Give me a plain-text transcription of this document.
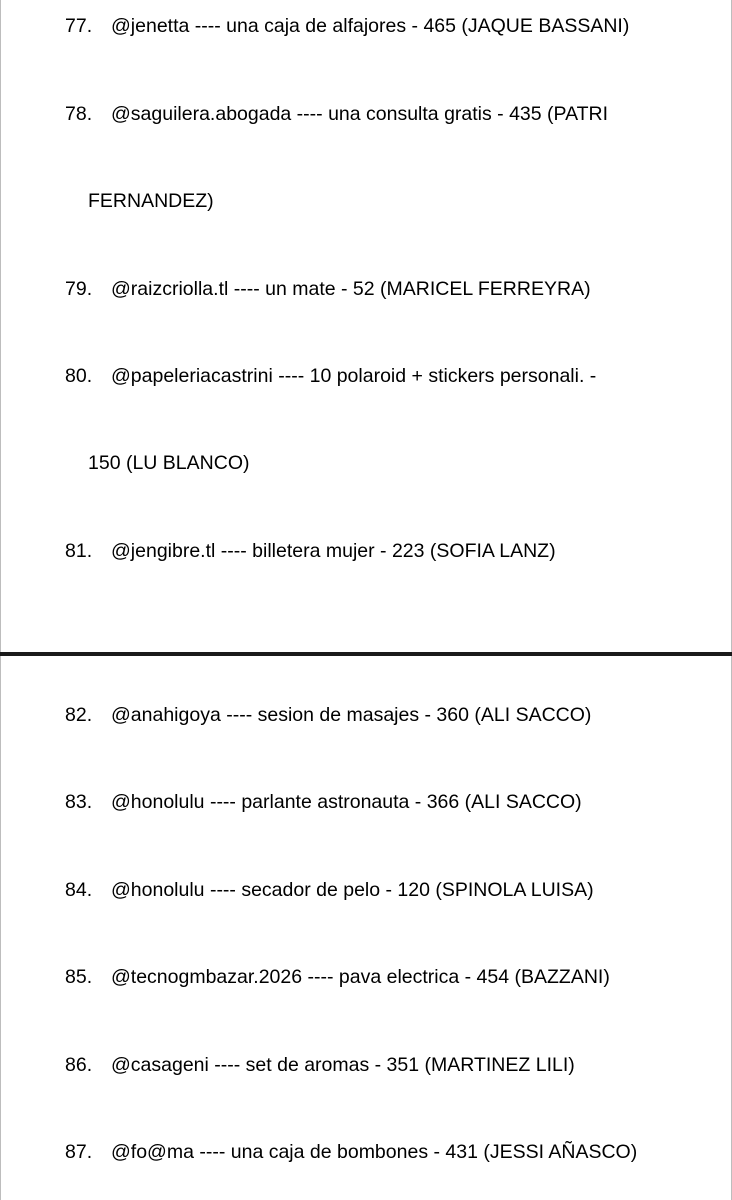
77. @jenetta ---- una caja de alfajores - 465 (JAQUE BASSANI)
78. @saguilera.abogada ---- una consulta gratis - 435 (PATRI
FERNANDEZ)
79. @raizcriolla.tl ---- un mate - 52 (MARICEL FERREYRA)
80. @papeleriacastrini ---- 10 polaroid + stickers personali. -
150 (LU BLANCO)
81. @jengibre.tl ---- billetera mujer - 223 (SOFIA LANZ)
82. @anahigoya ---- sesion de masajes - 360 (ALI SACCO)
83. @honolulu ---- parlante astronauta - 366 (ALI SACCO)
84. @honolulu ---- secador de pelo - 120 (SPINOLA LUISA)
85. @tecnogmbazar.2026 ---- pava electrica - 454 (BAZZANI)
86. @casageni ---- set de aromas - 351 (MARTINEZ LILI)
87. @fo@ma ---- una caja de bombones - 431 (JESSI AÑASCO)
